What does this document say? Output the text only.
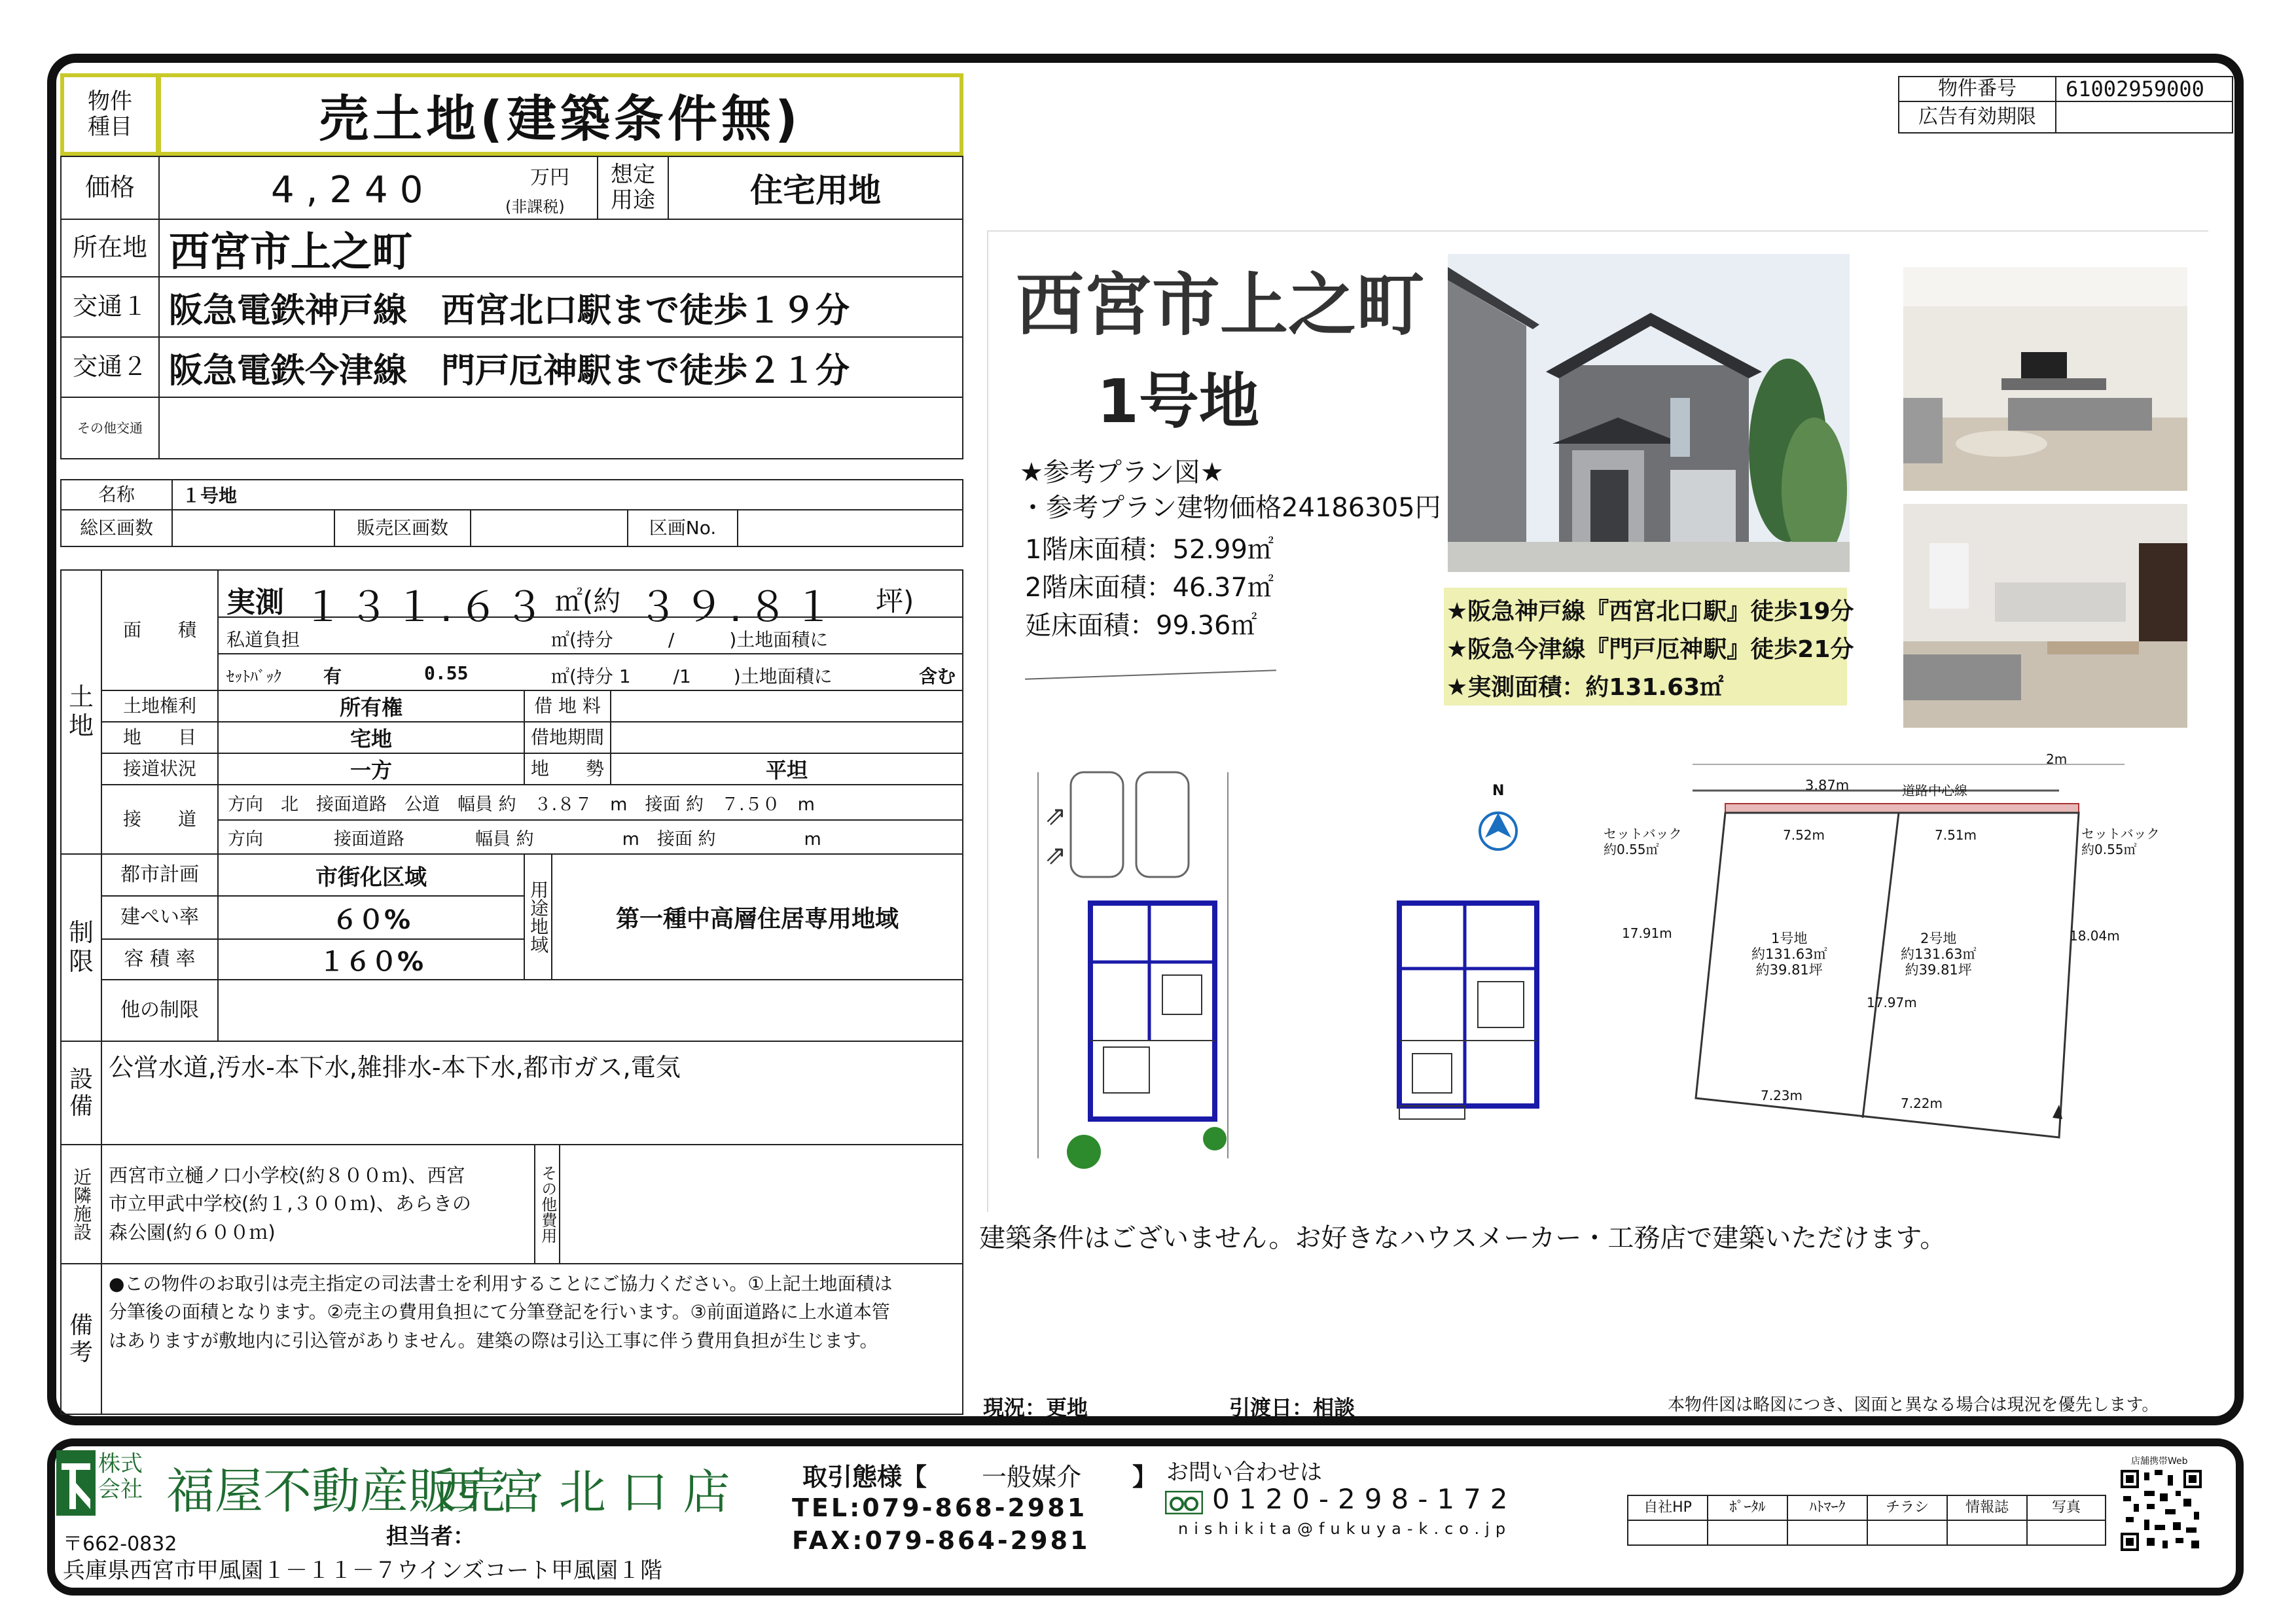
物件
種目	売土地(建築条件無)
価格	4,240	万円
(非課税)
想定
用途	住宅用地
所在地 西宮市上之町
交通１ 阪急電鉄神戸線　西宮北口駅まで徒歩１９分
交通２ 阪急電鉄今津線　門戸厄神駅まで徒歩２１分
その他交通
物件番号	61002959000
広告有効期限
名称	１号地
総区画数	販売区画数	区画No.
土
地
面　　積
実測 １３１.６３ ㎡(約 ３９.８１ 坪)
私道負担	㎡(持分　　　/　　　)土地面積に
ｾｯﾄﾊﾞｯｸ 有	0.55	㎡(持分 1 　　/1 　　)土地面積に	含む
土地権利	所有権	借 地 料
地　　目	宅地	借地期間
接道状況	一方	地　　勢	平坦
接　　道
方向　北　接面道路　公道　幅員 約　３.８７　m　接面 約　７.５０　m
方向　　　　接面道路　　　　幅員 約　　　　　m　接面 約　　　　　m
制
限
都市計画	市街化区域
建ぺい率	６０%
容 積 率	１６０%
用途地域	第一種中高層住居専用地域
他の制限
設
備
公営水道,汚水-本下水,雑排水-本下水,都市ガス,電気
近隣施設 西宮市立樋ノ口小学校(約８００ｍ)、西宮
市立甲武中学校(約１,３００ｍ)、あらきの
森公園(約６００ｍ)	その他費用
備
考
●この物件のお取引は売主指定の司法書士を利用することにご協力ください。①上記土地面積は
分筆後の面積となります。②売主の費用負担にて分筆登記を行います。③前面道路に上水道本管
はありますが敷地内に引込管がありません。建築の際は引込工事に伴う費用負担が生じます。
西宮市上之町
1号地
★参考プラン図★
・参考プラン建物価格24186305円
1階床面積：52.99㎡
2階床面積：46.37㎡
延床面積：99.36㎡	★阪急神戸線『西宮北口駅』徒歩19分
★阪急今津線『門戸厄神駅』徒歩21分
★実測面積：約131.63㎡
⇗
⇗
N	3.87m	道路中心線
2m
セットバック
約0.55㎡
セットバック
約0.55㎡
7.52m	7.51m
17.91m	18.04m
17.97m
1号地
約131.63㎡
約39.81坪
2号地
約131.63㎡
約39.81坪
7.23m	7.22m
建築条件はございません。お好きなハウスメーカー・工務店で建築いただけます。
現況：更地	引渡日：相談	本物件図は略図につき、図面と異なる場合は現況を優先します。
株式
会社 福屋不動産販売
西 宮 北 口 店
〒662-0832
兵庫県西宮市甲風園１－１１－７ウインズコート甲風園１階
担当者：
取引態様【 一般媒介 】
TEL:079-868-2981
FAX:079-864-2981
お問い合わせは
0120-298-172
nishikita@fukuya-k.co.jp
自社HP	ﾎﾟｰﾀﾙ	ﾊﾄﾏｰｸ	チラシ	情報誌	写真
店舗携帯Web
